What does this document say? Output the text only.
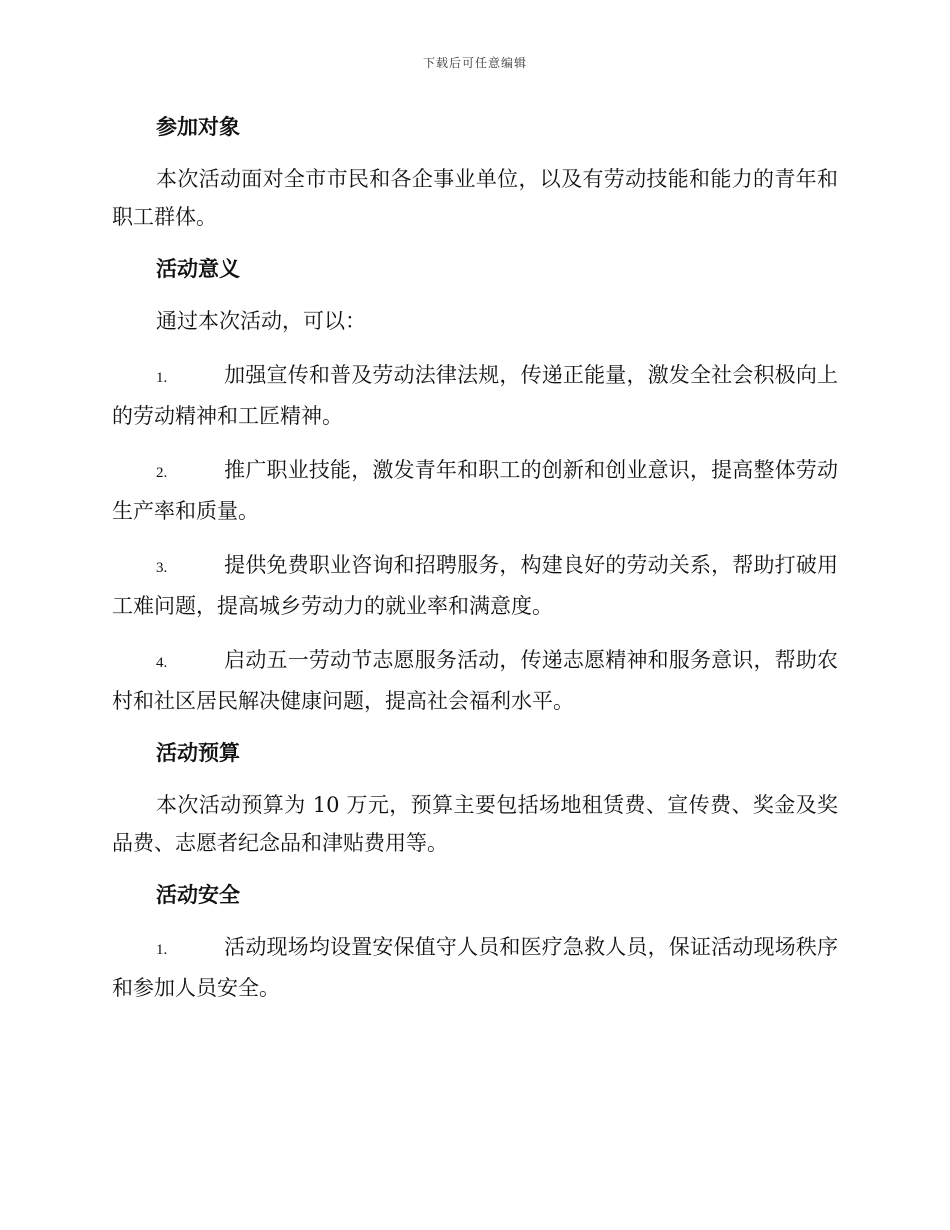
下载后可任意编辑
参加对象

本次活动面对全市市民和各企事业单位，以及有劳动技能和能力的青年和职工群体。

活动意义

通过本次活动，可以：

1.	加强宣传和普及劳动法律法规，传递正能量，激发全社会积极向上的劳动精神和工匠精神。

2.	推广职业技能，激发青年和职工的创新和创业意识，提高整体劳动生产率和质量。

3.	提供免费职业咨询和招聘服务，构建良好的劳动关系，帮助打破用工难问题，提高城乡劳动力的就业率和满意度。

4.	启动五一劳动节志愿服务活动，传递志愿精神和服务意识，帮助农村和社区居民解决健康问题，提高社会福利水平。

活动预算

本次活动预算为 10 万元，预算主要包括场地租赁费、宣传费、奖金及奖品费、志愿者纪念品和津贴费用等。

活动安全

1.	活动现场均设置安保值守人员和医疗急救人员，保证活动现场秩序和参加人员安全。
